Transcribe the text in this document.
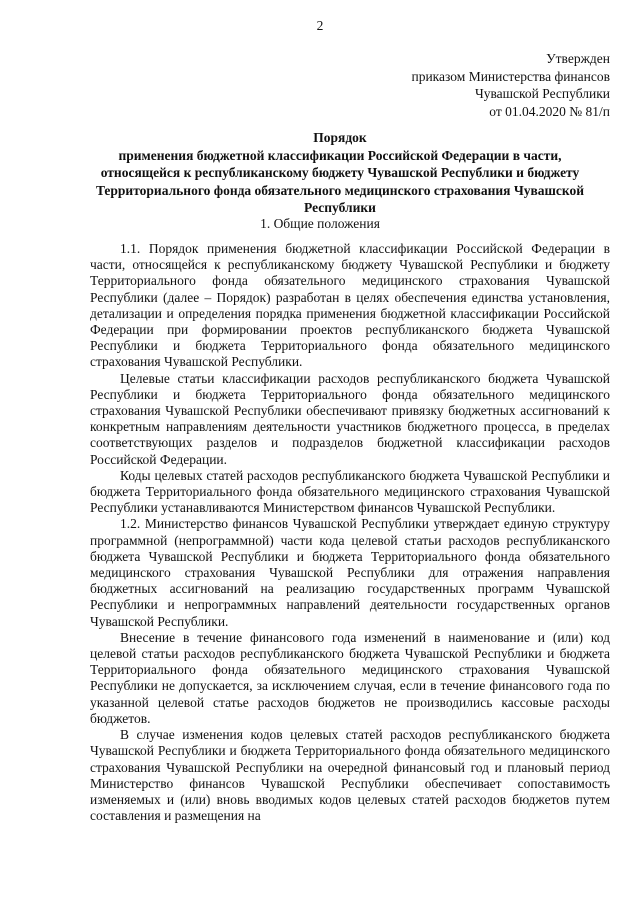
2
Утвержден
приказом Министерства финансов
Чувашской Республики
от 01.04.2020 № 81/п
Порядок
применения бюджетной классификации Российской Федерации в части,
относящейся к республиканскому бюджету Чувашской Республики и бюджету
Территориального фонда обязательного медицинского страхования Чувашской
Республики
1. Общие положения

1.1. Порядок применения бюджетной классификации Российской Федерации в части, относящейся к республиканскому бюджету Чувашской Республики и бюджету Территориального фонда обязательного медицинского страхования Чувашской Республики (далее – Порядок) разработан в целях обеспечения единства установления, детализации и определения порядка применения бюджетной классификации Российской Федерации при формировании проектов республиканского бюджета Чувашской Республики и бюджета Территориального фонда обязательного медицинского страхования Чувашской Республики.

Целевые статьи классификации расходов республиканского бюджета Чувашской Республики и бюджета Территориального фонда обязательного медицинского страхования Чувашской Республики обеспечивают привязку бюджетных ассигнований к конкретным направлениям деятельности участников бюджетного процесса, в пределах соответствующих разделов и подразделов бюджетной классификации расходов Российской Федерации.

Коды целевых статей расходов республиканского бюджета Чувашской Республики и бюджета Территориального фонда обязательного медицинского страхования Чувашской Республики устанавливаются Министерством финансов Чувашской Республики.

1.2. Министерство финансов Чувашской Республики утверждает единую структуру программной (непрограммной) части кода целевой статьи расходов республиканского бюджета Чувашской Республики и бюджета Территориального фонда обязательного медицинского страхования Чувашской Республики для отражения направления бюджетных ассигнований на реализацию государственных программ Чувашской Республики и непрограммных направлений деятельности государственных органов Чувашской Республики.

Внесение в течение финансового года изменений в наименование и (или) код целевой статьи расходов республиканского бюджета Чувашской Республики и бюджета Территориального фонда обязательного медицинского страхования Чувашской Республики не допускается, за исключением случая, если в течение финансового года по указанной целевой статье расходов бюджетов не производились кассовые расходы бюджетов.

В случае изменения кодов целевых статей расходов республиканского бюджета Чувашской Республики и бюджета Территориального фонда обязательного медицинского страхования Чувашской Республики на очередной финансовый год и плановый период Министерство финансов Чувашской Республики обеспечивает сопоставимость изменяемых и (или) вновь вводимых кодов целевых статей расходов бюджетов путем составления и размещения на
